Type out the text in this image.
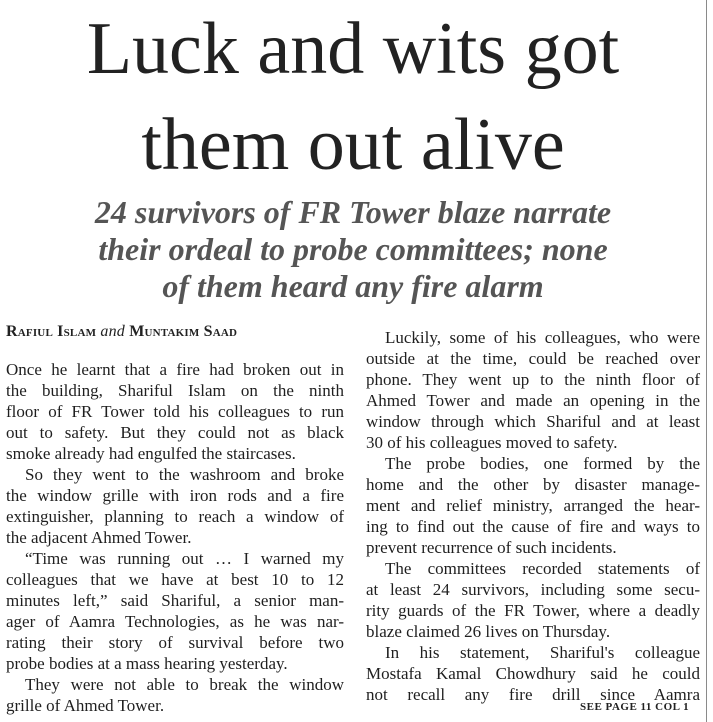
Luck and wits got
them out alive
24 survivors of FR Tower blaze narrate
their ordeal to probe committees; none
of them heard any fire alarm
Rafiul Islam and Muntakim Saad
Once he learnt that a fire had broken out in
the building, Shariful Islam on the ninth
floor of FR Tower told his colleagues to run
out to safety. But they could not as black
smoke already had engulfed the staircases.
So they went to the washroom and broke
the window grille with iron rods and a fire
extinguisher, planning to reach a window of
the adjacent Ahmed Tower.
“Time was running out … I warned my
colleagues that we have at best 10 to 12
minutes left,” said Shariful, a senior man-
ager of Aamra Technologies, as he was nar-
rating their story of survival before two
probe bodies at a mass hearing yesterday.
They were not able to break the window
grille of Ahmed Tower.
Luckily, some of his colleagues, who were
outside at the time, could be reached over
phone. They went up to the ninth floor of
Ahmed Tower and made an opening in the
window through which Shariful and at least
30 of his colleagues moved to safety.
The probe bodies, one formed by the
home and the other by disaster manage-
ment and relief ministry, arranged the hear-
ing to find out the cause of fire and ways to
prevent recurrence of such incidents.
The committees recorded statements of
at least 24 survivors, including some secu-
rity guards of the FR Tower, where a deadly
blaze claimed 26 lives on Thursday.
In his statement, Shariful's colleague
Mostafa Kamal Chowdhury said he could
not recall any fire drill since Aamra
SEE PAGE 11 COL 1
